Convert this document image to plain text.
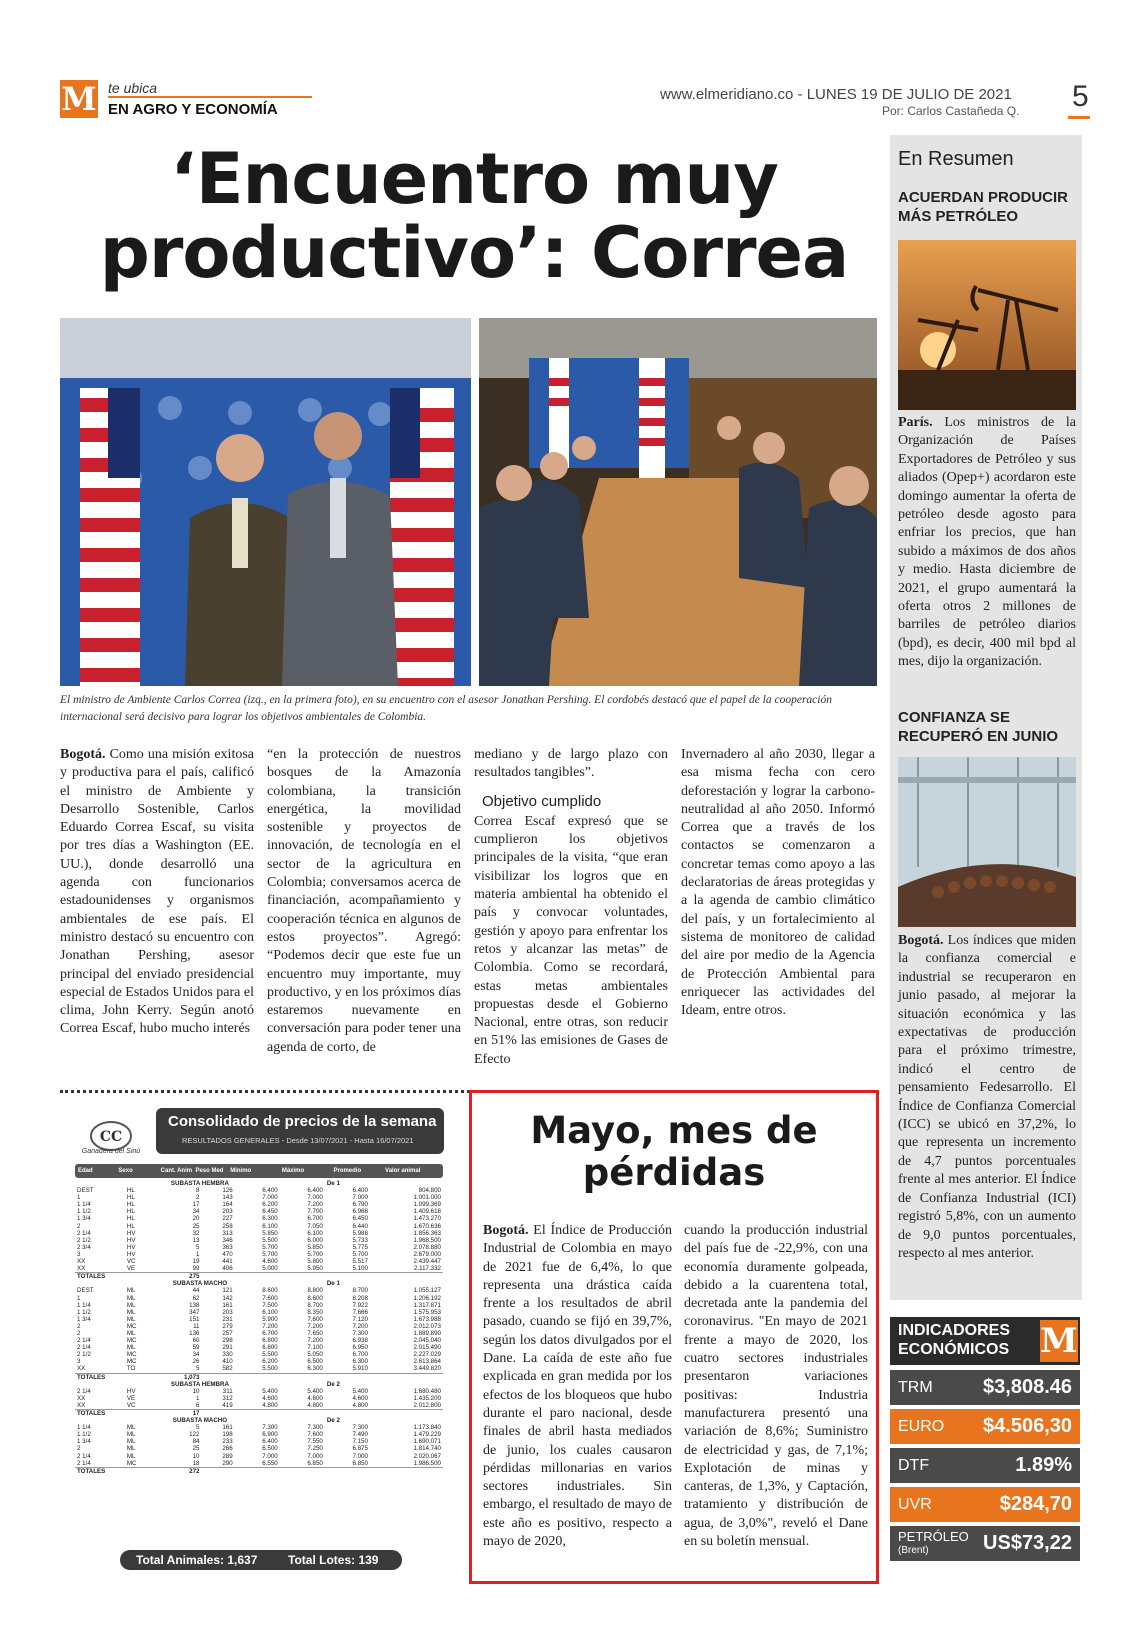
M te ubica
EN AGRO Y ECONOMÍA
www.elmeridiano.co - LUNES 19 DE JULIO DE 2021
Por: Carlos Castañeda Q. 5
‘Encuentro muy
productivo’: Correa
El ministro de Ambiente Carlos Correa (izq., en la primera foto), en su encuentro con el asesor Jonathan Pershing. El cordobés destacó que el papel de la cooperación internacional será decisivo para lograr los objetivos ambientales de Colombia.
Bogotá. Como una misión exitosa y productiva para el país, calificó el ministro de Ambiente y Desarrollo Sostenible, Carlos Eduardo Correa Escaf, su visita por tres días a Washington (EE. UU.), donde desarrolló una agenda con funcionarios estadounidenses y organismos ambientales de ese país. El ministro destacó su encuentro con Jonathan Pershing, asesor principal del enviado presidencial especial de Estados Unidos para el clima, John Kerry. Según anotó Correa Escaf, hubo mucho interés
“en la protección de nuestros bosques de la Amazonía colombiana, la transición energética, la movilidad sostenible y proyectos de innovación, de tecnología en el sector de la agricultura en Colombia; conversamos acerca de financiación, acompañamiento y cooperación técnica en algunos de estos proyectos”. Agregó: “Podemos decir que este fue un encuentro muy importante, muy productivo, y en los próximos días estaremos nuevamente en conversación para poder tener una agenda de corto, de
mediano y de largo plazo con resultados tangibles”.
Objetivo cumplido
Correa Escaf expresó que se cumplieron los objetivos principales de la visita, “que eran visibilizar los logros que en materia ambiental ha obtenido el país y convocar voluntades, gestión y apoyo para enfrentar los retos y alcanzar las metas” de Colombia. Como se recordará, estas metas ambientales propuestas desde el Gobierno Nacional, entre otras, son reducir en 51% las emisiones de Gases de Efecto
Invernadero al año 2030, llegar a esa misma fecha con cero deforestación y lograr la carbono-neutralidad al año 2050. Informó Correa que a través de los contactos se comenzaron a concretar temas como apoyo a las declaratorias de áreas protegidas y a la agenda de cambio climático del país, y un fortalecimiento al sistema de monitoreo de calidad del aire por medio de la Agencia de Protección Ambiental para enriquecer las actividades del Ideam, entre otros.
En Resumen
ACUERDAN PRODUCIR MÁS PETRÓLEO
París. Los ministros de la Organización de Países Exportadores de Petróleo y sus aliados (Opep+) acordaron este domingo aumentar la oferta de petróleo desde agosto para enfriar los precios, que han subido a máximos de dos años y medio. Hasta diciembre de 2021, el grupo aumentará la oferta otros 2 millones de barriles de petróleo diarios (bpd), es decir, 400 mil bpd al mes, dijo la organización.
CONFIANZA SE RECUPERÓ EN JUNIO
Bogotá. Los índices que miden la confianza comercial e industrial se recuperaron en junio pasado, al mejorar la situación económica y las expectativas de producción para el próximo trimestre, indicó el centro de pensamiento Fedesarrollo. El Índice de Confianza Comercial (ICC) se ubicó en 37,2%, lo que representa un incremento de 4,7 puntos porcentuales frente al mes anterior. El Índice de Confianza Industrial (ICI) registró 5,8%, con un aumento de 9,0 puntos porcentuales, respecto al mes anterior.
INDICADORES
ECONÓMICOS M
TRM	$3,808.46
EURO $4.506,30
DTF	1.89%
UVR	$284,70
PETRÓLEO
(Brent)	US$73,22
Mayo, mes de
pérdidas
Bogotá. El Índice de Producción Industrial de Colombia en mayo de 2021 fue de 6,4%, lo que representa una drástica caída frente a los resultados de abril pasado, cuando se fijó en 39,7%, según los datos divulgados por el Dane. La caída de este año fue explicada en gran medida por los efectos de los bloqueos que hubo durante el paro nacional, desde finales de abril hasta mediados de junio, los cuales causaron pérdidas millonarias en varios sectores industriales. Sin embargo, el resultado de mayo de este año es positivo, respecto a mayo de 2020,
cuando la producción industrial del país fue de -22,9%, con una economía duramente golpeada, debido a la cuarentena total, decretada ante la pandemia del coronavirus. "En mayo de 2021 frente a mayo de 2020, los cuatro sectores industriales presentaron variaciones positivas: Industria manufacturera presentó una variación de 8,6%; Suministro de electricidad y gas, de 7,1%; Explotación de minas y canteras, de 1,3%, y Captación, tratamiento y distribución de agua, de 3,0%", reveló el Dane en su boletín mensual.
CC
Ganadera del Sinú
Consolidado de precios de la semana
RESULTADOS GENERALES - Desde 13/07/2021 - Hasta 16/07/2021
Edad	Sexo	Cant. Anim Peso Med	Mínimo	Máximo	Promedio	Valor animal
SUBASTA HEMBRA						De 1	
DEST	HL	8	126	6.400	6.400	6.400	804.800
1	HL	2	143	7.000	7.000	7.000	1.001.000
1 1/4	HL	17	164	6.200	7.200	6.790	1.099.369
1 1/2	HL	34	203	6.450	7.700	6.968	1.409.618
1 3/4	HL	20	227	6.300	6.700	6.450	1.473.270
2	HL	25	258	6.100	7.050	6.440	1.670.636
2 1/4	HV	32	313	5.850	6.100	5.988	1.856.363
2 1/2	HV	13	346	5.500	6.000	5.733	1.968.500
2 3/4	HV	5	363	5.700	5.850	5.775	2.078.880
3	HV	1	470	5.700	5.700	5.700	2.679.000
XX	VC	19	441	4.600	5.800	5.517	2.439.447
XX	VE	99	406	5.000	5.950	5.100	2.117.332
TOTALES		275					
SUBASTA MACHO						De 1	
DEST.	ML	44	121	8.600	8.800	8.700	1.055.127
1	ML	62	142	7.600	8.600	8.208	1.206.192
1 1/4	ML	138	161	7.500	8.700	7.922	1.317.871
1 1/2	ML	347	203	6.100	8.350	7.666	1.575.953
1 3/4	ML	151	231	5.900	7.600	7.120	1.673.988
2	MC	11	279	7.200	7.200	7.200	2.012.073
2	ML	136	257	6.700	7.650	7.300	1.889.890
2 1/4	MC	60	298	6.800	7.200	6.938	2.045.040
2 1/4	ML	59	291	6.800	7.100	6.950	2.015.490
2 1/2	MC	34	330	5.500	5.050	6.700	2.227.029
3	MC	26	410	6.200	6.500	6.300	2.613.864
XX	TO	5	582	5.500	6.300	5.910	3.449.820
TOTALES		1,073					
SUBASTA HEMBRA						De 2	
2 1/4	HV	10	311	5.400	5.400	5.400	1.680.480
XX	VE	1	312	4.600	4.600	4.600	1.435.200
XX	VC	6	419	4.800	4.800	4.800	2.012.800
TOTALES		17					
SUBASTA MACHO						De 2	
1 1/4	ML	5	161	7.300	7.300	7.300	1.173.840
1 1/2	ML	122	198	6.900	7.600	7.490	1.479.229
1 3/4	ML	84	233	6.400	7.550	7.150	1.690.071
2	ML	25	266	6.500	7.250	6.875	1.814.740
2 1/4	ML	10	289	7.000	7.000	7.000	2.020.067
2 1/4	MC	18	290	6.550	6.850	6.850	1.986.500
TOTALES		272					
Total Animales: 1,637	Total Lotes: 139
